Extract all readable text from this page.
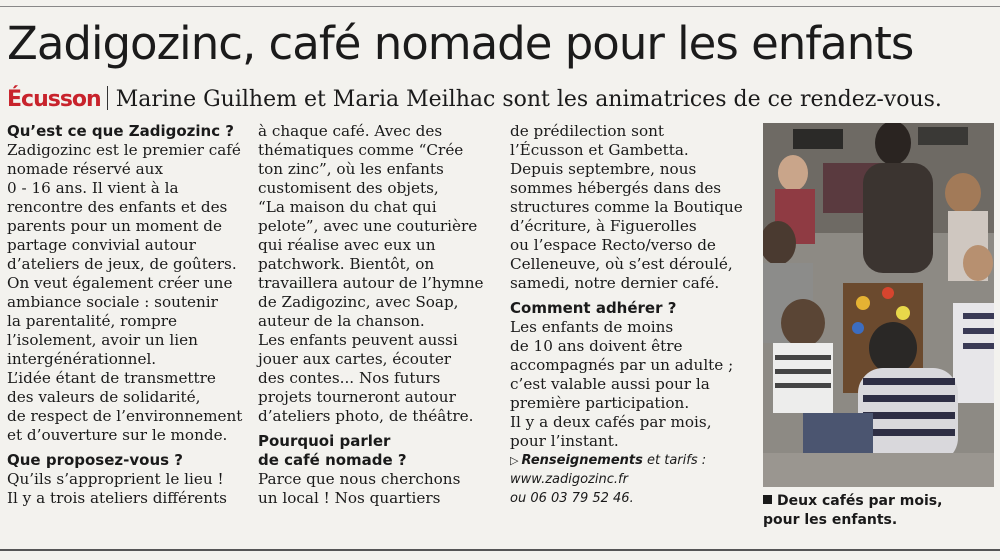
Zadigozinc, café nomade pour les enfants
Écusson Marine Guilhem et Maria Meilhac sont les animatrices de ce rendez-vous.
Qu’est ce que Zadigozinc ?
Zadigozinc est le premier café
nomade réservé aux
0 - 16 ans. Il vient à la
rencontre des enfants et des
parents pour un moment de
partage convivial autour
d’ateliers de jeux, de goûters.
On veut également créer une
ambiance sociale : soutenir
la parentalité, rompre
l’isolement, avoir un lien
intergénérationnel.
L’idée étant de transmettre
des valeurs de solidarité,
de respect de l’environnement
et d’ouverture sur le monde.
Que proposez-vous ?
Qu’ils s’approprient le lieu !
Il y a trois ateliers différents
à chaque café. Avec des
thématiques comme “Crée
ton zinc”, où les enfants
customisent des objets,
“La maison du chat qui
pelote”, avec une couturière
qui réalise avec eux un
patchwork. Bientôt, on
travaillera autour de l’hymne
de Zadigozinc, avec Soap,
auteur de la chanson.
Les enfants peuvent aussi
jouer aux cartes, écouter
des contes... Nos futurs
projets tourneront autour
d’ateliers photo, de théâtre.
Pourquoi parler
de café nomade ?
Parce que nous cherchons
un local ! Nos quartiers
de prédilection sont
l’Écusson et Gambetta.
Depuis septembre, nous
sommes hébergés dans des
structures comme la Boutique
d’écriture, à Figuerolles
ou l’espace Recto/verso de
Celleneuve, où s’est déroulé,
samedi, notre dernier café.
Comment adhérer ?
Les enfants de moins
de 10 ans doivent être
accompagnés par un adulte ;
c’est valable aussi pour la
première participation.
Il y a deux cafés par mois,
pour l’instant.
▷ Renseignements et tarifs :
www.zadigozinc.fr
ou 06 03 79 52 46.	Deux cafés par mois,
pour les enfants.
